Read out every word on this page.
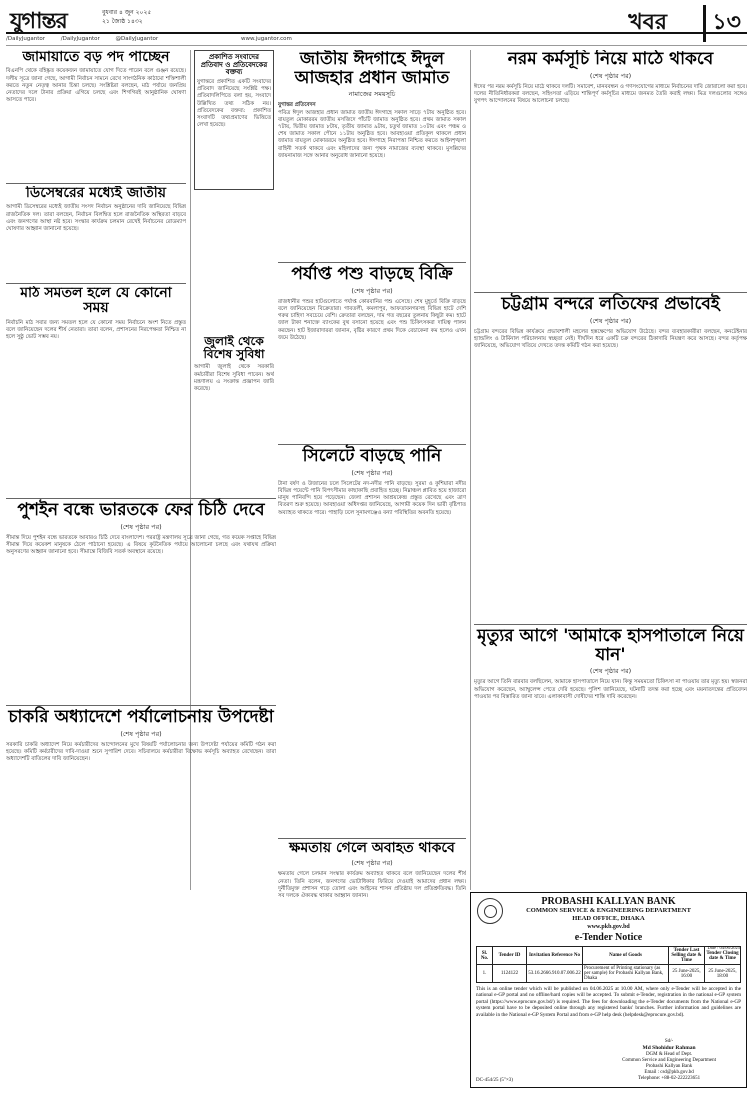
যুগান্তর	বুধবার ৪ জুন ২০২৫
২১ জ্যৈষ্ঠ ১৪৩২	খবর	১৩
/DailyJugantor	/DailyJugantor	@DailyJugantor	www.jugantor.com
জামায়াতে বড় পদ পাচ্ছেন
বিএনপি থেকে বহিষ্কৃত কয়েকজন জামায়াতে যোগ দিতে পারেন বলে গুঞ্জন রয়েছে। দলীয় সূত্রে জানা গেছে, আগামী নির্বাচন সামনে রেখে সাংগঠনিক কাঠামো শক্তিশালী করতে নতুন নেতৃত্ব আনার চিন্তা চলছে। সংশ্লিষ্টরা বলছেন, মাঠ পর্যায়ে জনপ্রিয় নেতাদের দলে টানার প্রক্রিয়া এগিয়ে চলছে এবং শিগগিরই আনুষ্ঠানিক ঘোষণা আসতে পারে।
ডিসেম্বরের মধ্যেই জাতীয়
আগামী ডিসেম্বরের মধ্যেই জাতীয় সংসদ নির্বাচন অনুষ্ঠানের দাবি জানিয়েছে বিভিন্ন রাজনৈতিক দল। তারা বলছেন, নির্বাচন বিলম্বিত হলে রাজনৈতিক অস্থিরতা বাড়বে এবং জনগণের আস্থা নষ্ট হবে। সংস্কার কার্যক্রম চলমান রেখেই নির্বাচনের রোডম্যাপ ঘোষণার আহ্বান জানানো হয়েছে।
মাঠ সমতল হলে যে কোনো সময়
নির্বাচনি মাঠ সবার জন্য সমতল হলে যে কোনো সময় নির্বাচনে অংশ নিতে প্রস্তুত বলে জানিয়েছেন দলের শীর্ষ নেতারা। তারা বলেন, প্রশাসনের নিরপেক্ষতা নিশ্চিত না হলে সুষ্ঠু ভোট সম্ভব নয়।
প্রকাশিত সংবাদের প্রতিবাদ ও প্রতিবেদকের বক্তব্য
যুগান্তরে প্রকাশিত একটি সংবাদের প্রতিবাদ জানিয়েছে সংশ্লিষ্ট পক্ষ। প্রতিবাদলিপিতে বলা হয়, সংবাদে উল্লিখিত তথ্য সঠিক নয়। প্রতিবেদকের বক্তব্য: প্রকাশিত সংবাদটি তথ্যপ্রমাণের ভিত্তিতে লেখা হয়েছে।
জাতীয় ঈদগাহে ঈদুল আজহার প্রধান জামাত
নামাজের সময়সূচি
যুগান্তর প্রতিবেদন
পবিত্র ঈদুল আজহার প্রধান জামাত জাতীয় ঈদগাহে সকাল সাড়ে ৭টায় অনুষ্ঠিত হবে। বায়তুল মোকাররম জাতীয় মসজিদে পাঁচটি জামাত অনুষ্ঠিত হবে। প্রথম জামাত সকাল ৭টায়, দ্বিতীয় জামাত ৮টায়, তৃতীয় জামাত ৯টায়, চতুর্থ জামাত ১০টায় এবং পঞ্চম ও শেষ জামাত সকাল পৌনে ১১টায় অনুষ্ঠিত হবে। আবহাওয়া প্রতিকূল থাকলে প্রধান জামাত বায়তুল মোকাররমে অনুষ্ঠিত হবে। ঈদগাহে নিরাপত্তা নিশ্চিত করতে আইনশৃঙ্খলা বাহিনী সতর্ক থাকবে এবং মহিলাদের জন্য পৃথক নামাজের ব্যবস্থা থাকবে। মুসল্লিদের জায়নামাজ সঙ্গে আনার অনুরোধ জানানো হয়েছে।
জুলাই থেকে বিশেষ সুবিধা
আগামী জুলাই থেকে সরকারি কর্মচারীরা বিশেষ সুবিধা পাবেন। অর্থ মন্ত্রণালয় এ সংক্রান্ত প্রজ্ঞাপন জারি করেছে।
পর্যাপ্ত পশু বাড়ছে বিক্রি
(শেষ পৃষ্ঠার পর)
রাজধানীর পশুর হাটগুলোতে পর্যাপ্ত কোরবানির পশু এসেছে। শেষ মুহূর্তে বিক্রি বাড়ছে বলে জানিয়েছেন বিক্রেতারা। গাবতলী, কমলাপুর, আফতাবনগরসহ বিভিন্ন হাটে দেশি গরুর চাহিদা সবচেয়ে বেশি। ক্রেতারা বলছেন, দাম গত বছরের তুলনায় কিছুটা কম। হাটে জাল টাকা শনাক্তে ব্যাংকের বুথ বসানো হয়েছে এবং পশু চিকিৎসকরা দায়িত্ব পালন করছেন। হাট ইজারাদাররা জানান, বৃষ্টির কারণে প্রথম দিকে বেচাকেনা কম হলেও এখন জমে উঠেছে।
পুশইন বন্ধে ভারতকে ফের চিঠি দেবে
(শেষ পৃষ্ঠার পর)
সীমান্ত দিয়ে পুশইন বন্ধে ভারতকে আবারও চিঠি দেবে বাংলাদেশ। পররাষ্ট্র মন্ত্রণালয় সূত্রে জানা গেছে, গত কয়েক সপ্তাহে বিভিন্ন সীমান্ত দিয়ে কয়েকশ মানুষকে ঠেলে পাঠানো হয়েছে। এ বিষয়ে কূটনৈতিক পর্যায়ে আলোচনা চলছে এবং যথাযথ প্রক্রিয়া অনুসরণের আহ্বান জানানো হবে। সীমান্তে বিজিবি সতর্ক অবস্থানে রয়েছে।
সিলেটে বাড়ছে পানি
(শেষ পৃষ্ঠার পর)
টানা বর্ষণ ও উজানের ঢলে সিলেটের নদ-নদীর পানি বাড়ছে। সুরমা ও কুশিয়ারা নদীর বিভিন্ন পয়েন্টে পানি বিপৎসীমার কাছাকাছি প্রবাহিত হচ্ছে। নিম্নাঞ্চল প্লাবিত হয়ে হাজারো মানুষ পানিবন্দি হয়ে পড়েছেন। জেলা প্রশাসন আশ্রয়কেন্দ্র প্রস্তুত রেখেছে এবং ত্রাণ বিতরণ শুরু হয়েছে। আবহাওয়া অধিদপ্তর জানিয়েছে, আগামী কয়েক দিন ভারী বৃষ্টিপাত অব্যাহত থাকতে পারে। পাহাড়ি ঢলে সুনামগঞ্জেও বন্যা পরিস্থিতির অবনতি হয়েছে।
চাকরি অধ্যাদেশে পর্যালোচনায় উপদেষ্টা
(শেষ পৃষ্ঠার পর)
সরকারি চাকরি অধ্যাদেশ নিয়ে কর্মচারীদের আন্দোলনের মুখে বিষয়টি পর্যালোচনার জন্য উপদেষ্টা পর্যায়ের কমিটি গঠন করা হয়েছে। কমিটি কর্মচারীদের দাবি-দাওয়া শুনে সুপারিশ দেবে। সচিবালয়ে কর্মচারীরা বিক্ষোভ কর্মসূচি অব্যাহত রেখেছেন। তারা অধ্যাদেশটি বাতিলের দাবি জানিয়েছেন।
ক্ষমতায় গেলে অবাহত থাকবে
(শেষ পৃষ্ঠার পর)
ক্ষমতায় গেলে চলমান সংস্কার কার্যক্রম অব্যাহত থাকবে বলে জানিয়েছেন দলের শীর্ষ নেতা। তিনি বলেন, জনগণের ভোটাধিকার ফিরিয়ে দেওয়াই আমাদের প্রধান লক্ষ্য। দুর্নীতিমুক্ত প্রশাসন গড়ে তোলা এবং আইনের শাসন প্রতিষ্ঠায় দল প্রতিশ্রুতিবদ্ধ। তিনি সব দলকে ঐক্যবদ্ধ থাকার আহ্বান জানান।
নরম কর্মসূচি নিয়ে মাঠে থাকবে
(শেষ পৃষ্ঠার পর)
ঈদের পর নরম কর্মসূচি নিয়ে মাঠে থাকবে দলটি। সমাবেশ, মানববন্ধন ও গণসংযোগের মাধ্যমে নির্বাচনের দাবি জোরালো করা হবে। দলের নীতিনির্ধারকরা বলছেন, সহিংসতা এড়িয়ে শান্তিপূর্ণ কর্মসূচির মাধ্যমে জনমত তৈরি করাই লক্ষ্য। মিত্র দলগুলোর সঙ্গেও যুগপৎ আন্দোলনের বিষয়ে আলোচনা চলছে।
চট্টগ্রাম বন্দরে লতিফের প্রভাবেই
(শেষ পৃষ্ঠার পর)
চট্টগ্রাম বন্দরের বিভিন্ন কার্যক্রমে প্রভাবশালী মহলের হস্তক্ষেপের অভিযোগ উঠেছে। বন্দর ব্যবহারকারীরা বলছেন, কনটেইনার হ্যান্ডলিং ও টার্মিনাল পরিচালনায় স্বচ্ছতা নেই। দীর্ঘদিন ধরে একটি চক্র বন্দরের ঠিকাদারি নিয়ন্ত্রণ করে আসছে। বন্দর কর্তৃপক্ষ জানিয়েছে, অভিযোগ খতিয়ে দেখতে তদন্ত কমিটি গঠন করা হয়েছে।
মৃত্যুর আগে 'আমাকে হাসপাতালে নিয়ে যান'
(শেষ পৃষ্ঠার পর)
মৃত্যুর আগে তিনি বারবার বলছিলেন, আমাকে হাসপাতালে নিয়ে যান। কিন্তু সময়মতো চিকিৎসা না পাওয়ায় তার মৃত্যু হয়। স্বজনরা অভিযোগ করেছেন, অ্যাম্বুলেন্স পেতে দেরি হয়েছে। পুলিশ জানিয়েছে, ঘটনাটি তদন্ত করা হচ্ছে এবং ময়নাতদন্তের প্রতিবেদন পাওয়ার পর বিস্তারিত জানা যাবে। এলাকাবাসী দোষীদের শাস্তি দাবি করেছেন।
PROBASHI KALLYAN BANK
COMMON SERVICE & ENGINEERING DEPARTMENT
HEAD OFFICE, DHAKA
www.pkb.gov.bd
e-Tender Notice
Date : 04/06/2025
Sl. No.	Tender ID	Invitation Reference No	Name of Goods	Tender Last Selling date & Time	Tender Closing date & Time
1.	1124122	53.16.2666.910.07.006.22	Procurement of Printing stationary (as per sample) for Probashi Kallyan Bank, Dhaka	25 June-2025, 16:00	25 June-2025, 18:00
This is an online tender which will be published on 04.06.2025 at 10.00 AM, where only e-Tender will be accepted in the national e-GP portal and no offline/hard copies will be accepted. To submit e-Tender, registration in the national e-GP system portal (https://www.eprocure.gov.bd/) is required. The fees for downloading the e-Tender documents from the National e-GP system portal have to be deposited online through any registered banks' branches. Further information and guidelines are available in the National e-GP System Portal and from e-GP help desk (helpdesk@eprocure.gov.bd).
Sd/-
Md Shohidur Rahman
DGM & Head of Dept.
Common Service and Engineering Department
Probashi Kallyan Bank
Email : csd@pkb.gov.bd
Telephone: +88-02-222223651
DC-454/25 (5"×3)
